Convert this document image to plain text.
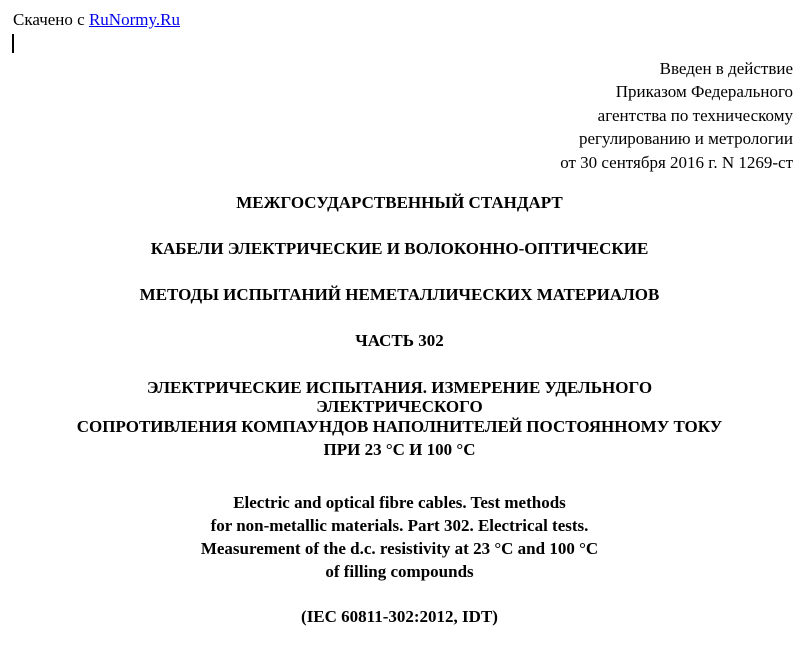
Скачено с RuNormy.Ru
Введен в действие
Приказом Федерального
агентства по техническому
регулированию и метрологии
от 30 сентября 2016 г. N 1269-ст
МЕЖГОСУДАРСТВЕННЫЙ СТАНДАРТ
КАБЕЛИ ЭЛЕКТРИЧЕСКИЕ И ВОЛОКОННО-ОПТИЧЕСКИЕ
МЕТОДЫ ИСПЫТАНИЙ НЕМЕТАЛЛИЧЕСКИХ МАТЕРИАЛОВ
ЧАСТЬ 302
ЭЛЕКТРИЧЕСКИЕ ИСПЫТАНИЯ. ИЗМЕРЕНИЕ УДЕЛЬНОГО
ЭЛЕКТРИЧЕСКОГО
СОПРОТИВЛЕНИЯ КОМПАУНДОВ НАПОЛНИТЕЛЕЙ ПОСТОЯННОМУ ТОКУ
ПРИ 23 °С И 100 °С
Electric and optical fibre cables. Test methods
for non-metallic materials. Part 302. Electrical tests.
Measurement of the d.c. resistivity at 23 °C and 100 °C
of filling compounds
(IEC 60811-302:2012, IDT)
